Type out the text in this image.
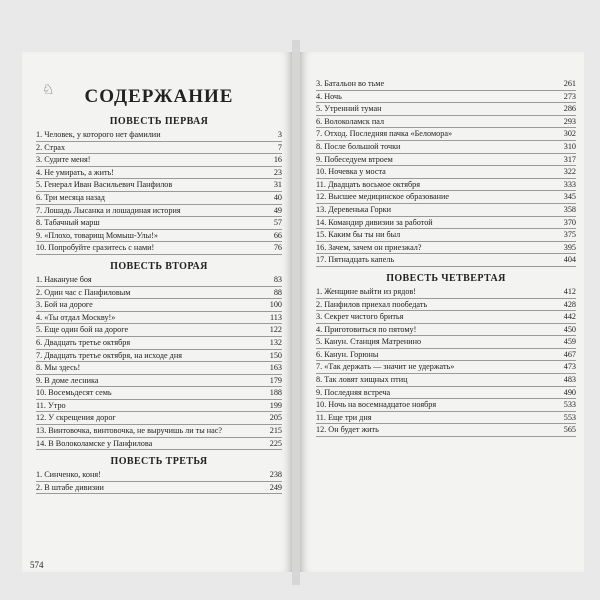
♘	СОДЕРЖАНИЕ
ПОВЕСТЬ ПЕРВАЯ
1. Человек, у которого нет фамилии	3
2. Страх	7
3. Судите меня!	16
4. Не умирать, а жить!	23
5. Генерал Иван Васильевич Панфилов	31
6. Три месяца назад	40
7. Лошадь Лысанка и лошадиная история	49
8. Табачный марш	57
9. «Плохо, товарищ Момыш-Улы!»	66
10. Попробуйте сразитесь с нами!	76
ПОВЕСТЬ ВТОРАЯ
1. Накануне боя	83
2. Один час с Панфиловым	88
3. Бой на дороге	100
4. «Ты отдал Москву!»	113
5. Еще один бой на дороге	122
6. Двадцать третье октября	132
7. Двадцать третье октября, на исходе дня	150
8. Мы здесь!	163
9. В доме лесника	179
10. Восемьдесят семь	188
11. Утро	199
12. У скрещения дорог	205
13. Винтовочка, винтовочка, не выручишь ли ты нас?	215
14. В Волоколамске у Панфилова	225
ПОВЕСТЬ ТРЕТЬЯ
1. Синченко, коня!	238
2. В штабе дивизии	249
574
3. Батальон во тьме	261
4. Ночь	273
5. Утренний туман	286
6. Волоколамск пал	293
7. Отход. Последняя пачка «Беломора»	302
8. После большой точки	310
9. Побеседуем втроем	317
10. Ночевка у моста	322
11. Двадцать восьмое октября	333
12. Высшее медицинское образование	345
13. Деревенька Горки	358
14. Командир дивизии за работой	370
15. Каким бы ты ни был	375
16. Зачем, зачем он приезжал?	395
17. Пятнадцать капель	404
ПОВЕСТЬ ЧЕТВЕРТАЯ
1. Женщине выйти из рядов!	412
2. Панфилов приехал пообедать	428
3. Секрет чистого бритья	442
4. Приготовиться по пятому!	450
5. Канун. Станция Матренино	459
6. Канун. Горюны	467
7. «Так держать — значит не удержать»	473
8. Так ловят хищных птиц	483
9. Последняя встреча	490
10. Ночь на восемнадцатое ноября	533
11. Еще три дня	553
12. Он будет жить	565
